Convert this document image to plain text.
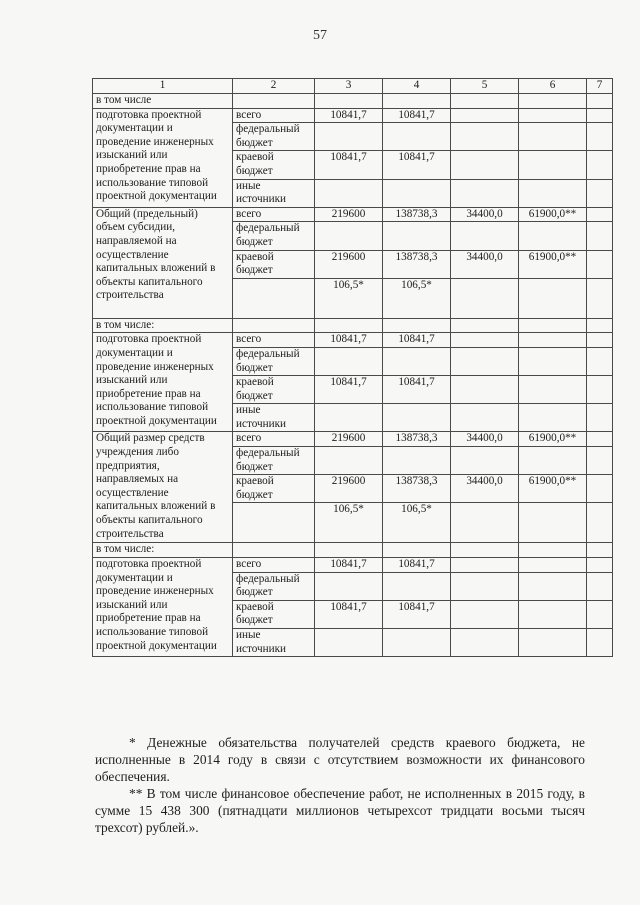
57
1	2	3	4	5	6	7
в том числе						
подготовка проектной документации и проведение инженерных изысканий или приобретение прав на использование типовой проектной документации	всего	10841,7	10841,7			
	федеральный бюджет					
	краевой бюджет	10841,7	10841,7			
	иные источники					
Общий (предельный) объем субсидии, направляемой на осуществление капитальных вложений в объекты капитального строительства	всего	219600	138738,3	34400,0	61900,0**	
	федеральный бюджет					
	краевой бюджет	219600	138738,3	34400,0	61900,0**	
		106,5*	106,5*			
в том числе:						
подготовка проектной документации и проведение инженерных изысканий или приобретение прав на использование типовой проектной документации	всего	10841,7	10841,7			
	федеральный бюджет					
	краевой бюджет	10841,7	10841,7			
	иные источники					
Общий размер средств учреждения либо предприятия, направляемых на осуществление капитальных вложений в объекты капитального строительства	всего	219600	138738,3	34400,0	61900,0**	
	федеральный бюджет					
	краевой бюджет	219600	138738,3	34400,0	61900,0**	
		106,5*	106,5*			
в том числе:						
подготовка проектной документации и проведение инженерных изысканий или приобретение прав на использование типовой проектной документации	всего	10841,7	10841,7			
	федеральный бюджет					
	краевой бюджет	10841,7	10841,7			
	иные источники					
* Денежные обязательства получателей средств краевого бюджета, не исполненные в 2014 году в связи с отсутствием возможности их финансового обеспечения.
** В том числе финансовое обеспечение работ, не исполненных в 2015 году, в сумме 15 438 300 (пятнадцати миллионов четырехсот тридцати восьми тысяч трехсот) рублей.».
